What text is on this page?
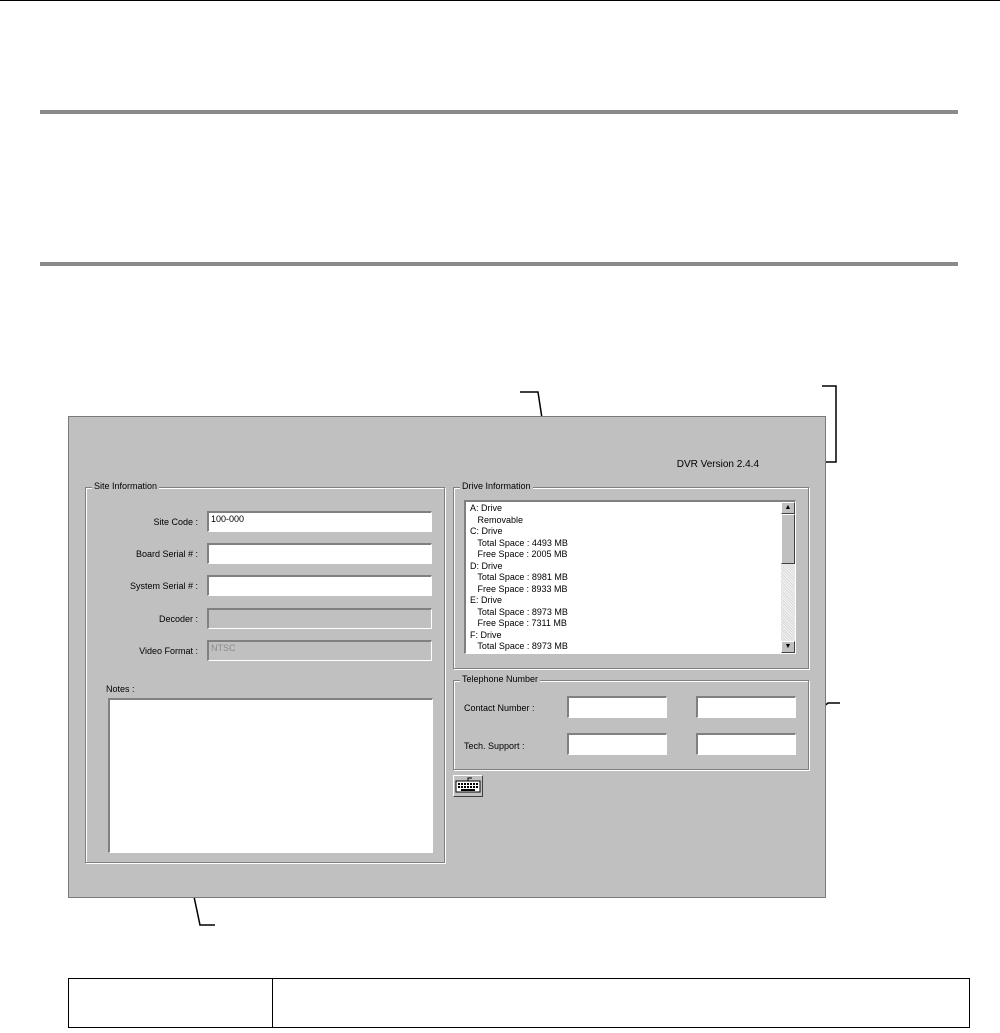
DVR Version 2.4.4
Site Information
Site Code :	100-000
Board Serial # :
System Serial # :
Decoder :
Video Format :	NTSC
Notes :
Drive Information
A: Drive
Removable
C: Drive
Total Space : 4493 MB
Free Space : 2005 MB
D: Drive
Total Space : 8981 MB
Free Space : 8933 MB
E: Drive
Total Space : 8973 MB
Free Space : 7311 MB
F: Drive
Total Space : 8973 MB
▲
▼
Telephone Number
Contact Number :
Tech. Support :
